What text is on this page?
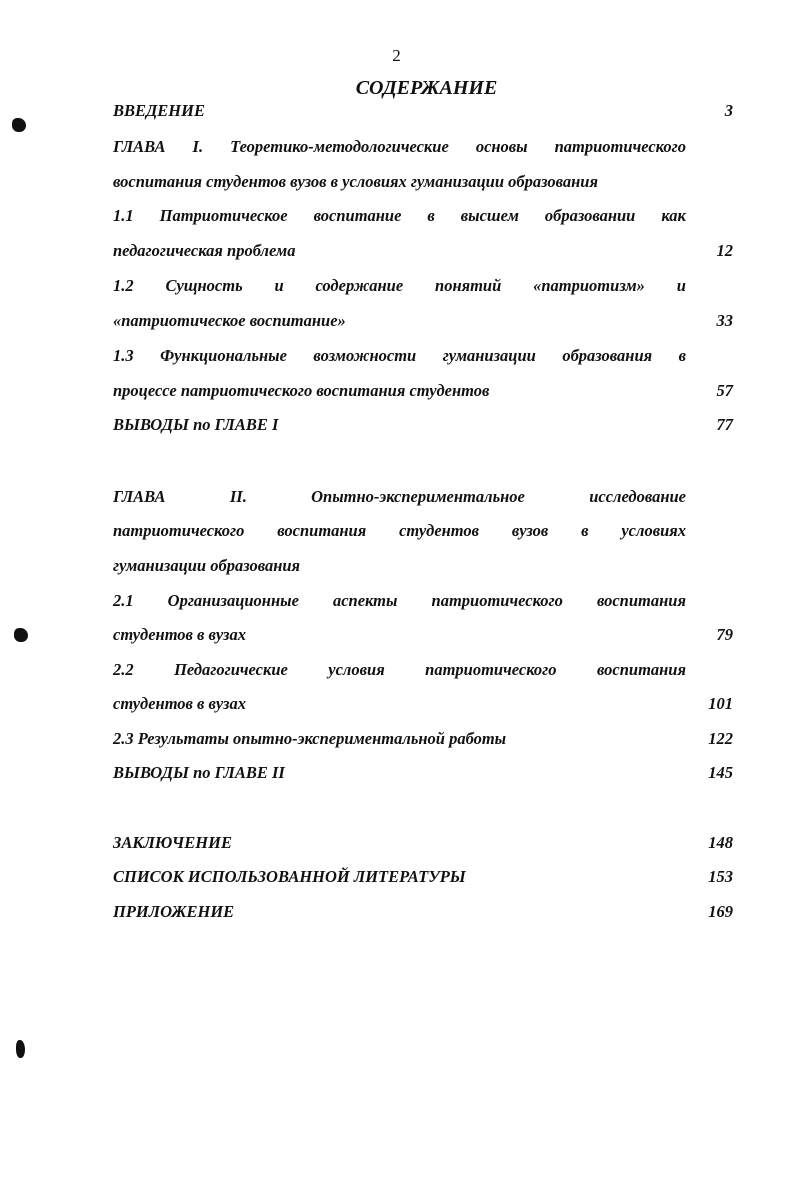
2
СОДЕРЖАНИЕ
ВВЕДЕНИЕ	3
ГЛАВА I. Теоретико-методологические основы патриотического
воспитания студентов вузов в условиях гуманизации образования
1.1 Патриотическое воспитание в высшем образовании как
педагогическая проблема	12
1.2 Сущность и содержание понятий «патриотизм» и
«патриотическое воспитание»	33
1.3 Функциональные возможности гуманизации образования в
процессе патриотического воспитания студентов	57
ВЫВОДЫ по ГЛАВЕ I	77
ГЛАВА	II.	Опытно-экспериментальное	исследование
патриотического воспитания студентов вузов в условиях
гуманизации образования
2.1 Организационные аспекты патриотического воспитания
студентов в вузах	79
2.2 Педагогические условия патриотического воспитания
студентов в вузах	101
2.3 Результаты опытно-экспериментальной работы	122
ВЫВОДЫ по ГЛАВЕ II	145
ЗАКЛЮЧЕНИЕ	148
СПИСОК ИСПОЛЬЗОВАННОЙ ЛИТЕРАТУРЫ	153
ПРИЛОЖЕНИЕ	169
